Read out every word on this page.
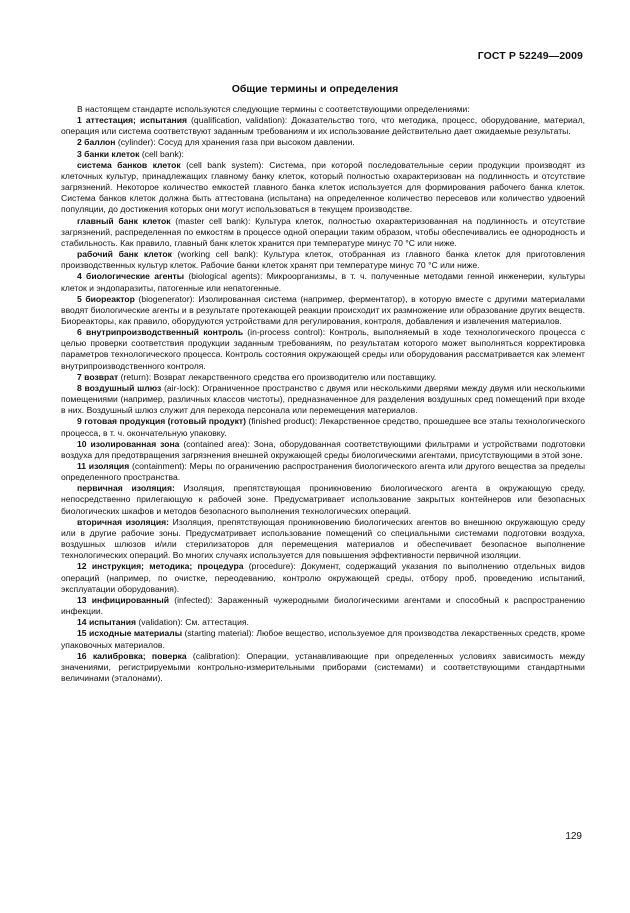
ГОСТ Р 52249—2009
Общие термины и определения

В настоящем стандарте используются следующие термины с соответствующими определениями:

1 аттестация; испытания (qualification, validation): Доказательство того, что методика, процесс, оборудование, материал, операция или система соответствуют заданным требованиям и их использование действительно дает ожидаемые результаты.

2 баллон (cylinder): Сосуд для хранения газа при высоком давлении.

3 банки клеток (cell bank):

система банков клеток (cell bank system): Система, при которой последовательные серии продукции производят из клеточных культур, принадлежащих главному банку клеток, который полностью охарактеризован на подлинность и отсутствие загрязнений. Некоторое количество емкостей главного банка клеток используется для формирования рабочего банка клеток. Система банков клеток должна быть аттестована (испытана) на определенное количество пересевов или количество удвоений популяции, до достижения которых они могут использоваться в текущем производстве.

главный банк клеток (master cell bank): Культура клеток, полностью охарактеризованная на подлинность и отсутствие загрязнений, распределенная по емкостям в процессе одной операции таким образом, чтобы обеспечивались ее однородность и стабильность. Как правило, главный банк клеток хранится при температуре минус 70 °С или ниже.

рабочий банк клеток (working cell bank): Культура клеток, отобранная из главного банка клеток для приготовления производственных культур клеток. Рабочие банки клеток хранят при температуре минус 70 °С или ниже.

4 биологические агенты (biological agents): Микроорганизмы, в т. ч. полученные методами генной инженерии, культуры клеток и эндопаразиты, патогенные или непатогенные.

5 биореактор (biogenerator): Изолированная система (например, ферментатор), в которую вместе с другими материалами вводят биологические агенты и в результате протекающей реакции происходит их размножение или образование других веществ. Биореакторы, как правило, оборудуются устройствами для регулирования, контроля, добавления и извлечения материалов.

6 внутрипроизводственный контроль (in-process control): Контроль, выполняемый в ходе технологического процесса с целью проверки соответствия продукции заданным требованиям, по результатам которого может выполняться корректировка параметров технологического процесса. Контроль состояния окружающей среды или оборудования рассматривается как элемент внутрипроизводственного контроля.

7 возврат (return): Возврат лекарственного средства его производителю или поставщику.

8 воздушный шлюз (air-lock): Ограниченное пространство с двумя или несколькими дверями между двумя или несколькими помещениями (например, различных классов чистоты), предназначенное для разделения воздушных сред помещений при входе в них. Воздушный шлюз служит для перехода персонала или перемещения материалов.

9 готовая продукция (готовый продукт) (finished product): Лекарственное средство, прошедшее все этапы технологического процесса, в т. ч. окончательную упаковку.

10 изолированная зона (contained area): Зона, оборудованная соответствующими фильтрами и устройствами подготовки воздуха для предотвращения загрязнения внешней окружающей среды биологическими агентами, присутствующими в этой зоне.

11 изоляция (containment): Меры по ограничению распространения биологического агента или другого вещества за пределы определенного пространства.

первичная изоляция: Изоляция, препятствующая проникновению биологического агента в окружающую среду, непосредственно прилегающую к рабочей зоне. Предусматривает использование закрытых контейнеров или безопасных биологических шкафов и методов безопасного выполнения технологических операций.

вторичная изоляция: Изоляция, препятствующая проникновению биологических агентов во внешнюю окружающую среду или в другие рабочие зоны. Предусматривает использование помещений со специальными системами подготовки воздуха, воздушных шлюзов и/или стерилизаторов для перемещения материалов и обеспечивает безопасное выполнение технологических операций. Во многих случаях используется для повышения эффективности первичной изоляции.

12 инструкция; методика; процедура (procedure): Документ, содержащий указания по выполнению отдельных видов операций (например, по очистке, переодеванию, контролю окружающей среды, отбору проб, проведению испытаний, эксплуатации оборудования).

13 инфицированный (infected): Зараженный чужеродными биологическими агентами и способный к распространению инфекции.

14 испытания (validation): См. аттестация.

15 исходные материалы (starting material): Любое вещество, используемое для производства лекарственных средств, кроме упаковочных материалов.

16 калибровка; поверка (calibration): Операции, устанавливающие при определенных условиях зависимость между значениями, регистрируемыми контрольно-измерительными приборами (системами) и соответствующими стандартными величинами (эталонами).

129
